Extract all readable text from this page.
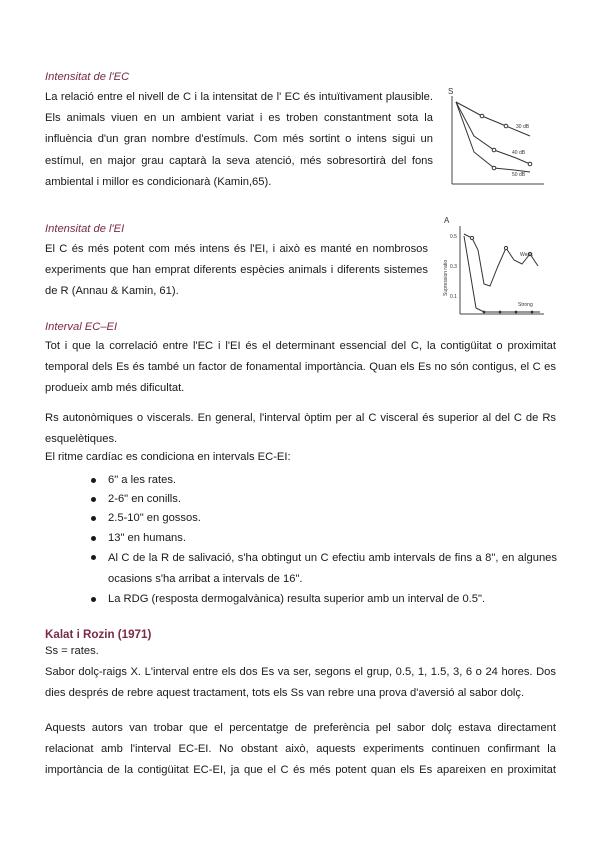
Intensitat de l'EC
La relació entre el nivell de C i la intensitat de l' EC és intuïtivament plausible.
Els animals viuen en un ambient variat i es troben constantment sota la
influència d'un gran nombre d'estímuls. Com més sortint o intens sigui un
estímul, en major grau captarà la seva atenció, més sobresortirà del fons
ambiental i millor es condicionarà (Kamin,65).
S
30 dB
40 dB
50 dB
Intensitat de l'EI
El C és més potent com més intens és l'EI, i això es manté en nombrosos
experiments que han emprat diferents espècies animals i diferents sistemes
de R (Annau & Kamin, 61).
A
Supression ratio
0.5
0.3
0.1
Weak
Strong
Interval EC–EI
Tot i que la correlació entre l'EC i l'EI és el determinant essencial del C, la contigüitat o proximitat
temporal dels Es és també un factor de fonamental importància. Quan els Es no són contigus, el C es
produeix amb més dificultat.
Rs autonòmiques o viscerals. En general, l'interval òptim per al C visceral és superior al del C de Rs
esquelètiques.
El ritme cardíac es condiciona en intervals EC-EI:
6" a les rates.
2-6" en conills.
2.5-10" en gossos.
13" en humans.
Al C de la R de salivació, s'ha obtingut un C efectiu amb intervals de fins a 8", en algunes
ocasions s'ha arribat a intervals de 16".
La RDG (resposta dermogalvànica) resulta superior amb un interval de 0.5".
Kalat i Rozin (1971)
Ss = rates.
Sabor dolç-raigs X. L'interval entre els dos Es va ser, segons el grup, 0.5, 1, 1.5, 3, 6 o 24 hores. Dos
dies després de rebre aquest tractament, tots els Ss van rebre una prova d'aversió al sabor dolç.
Aquests autors van trobar que el percentatge de preferència pel sabor dolç estava directament
relacionat amb l'interval EC-EI. No obstant això, aquests experiments continuen confirmant la
importància de la contigüitat EC-EI, ja que el C és més potent quan els Es apareixen en proximitat
